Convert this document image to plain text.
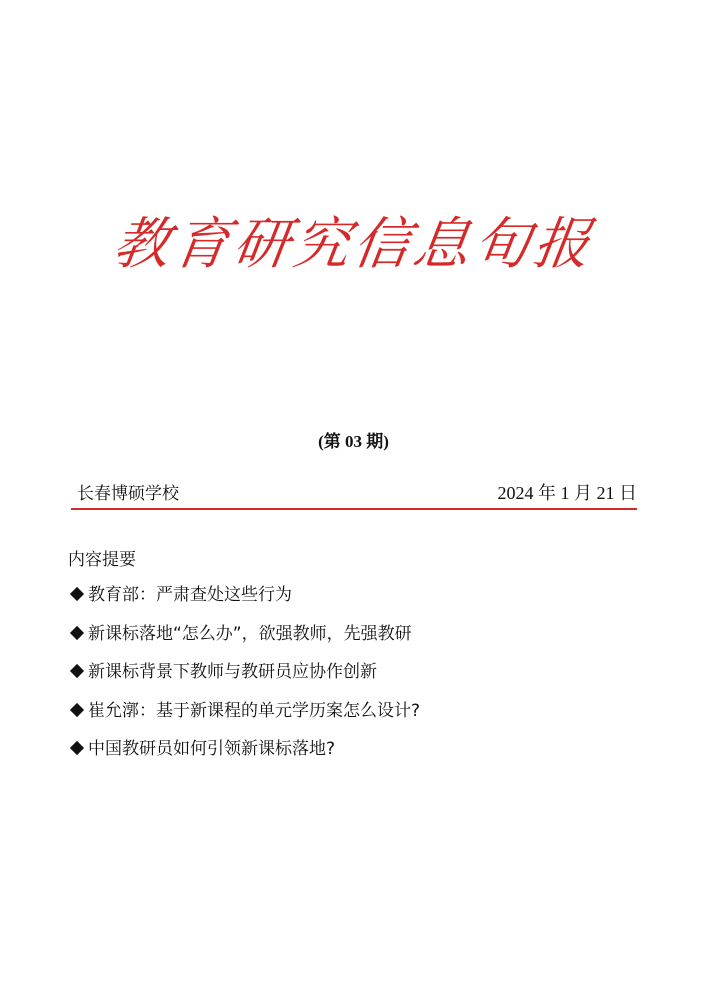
教育研究信息旬报
(第 03 期)
长春博硕学校	2024 年 1 月 21 日
内容提要
教育部：严肃查处这些行为
新课标落地“怎么办”，欲强教师，先强教研
新课标背景下教师与教研员应协作创新
崔允漷：基于新课程的单元学历案怎么设计?
中国教研员如何引领新课标落地?
